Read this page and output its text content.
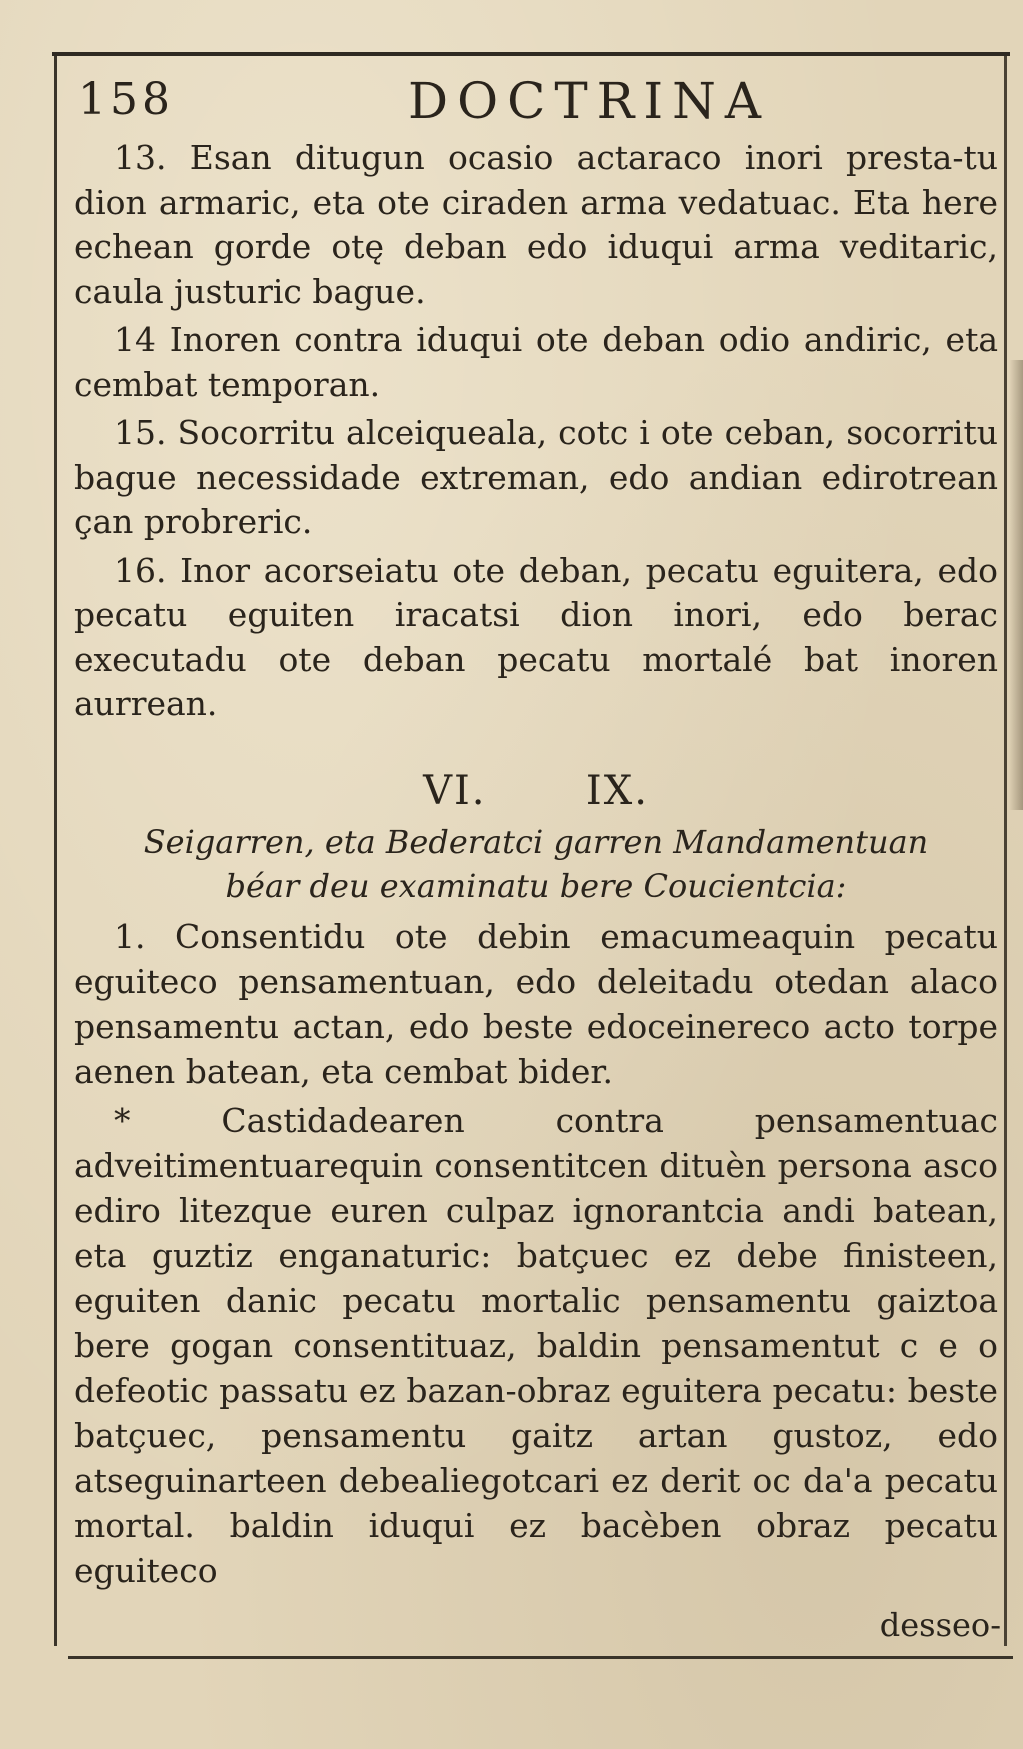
158	DOCTRINA

13. Esan ditugun ocasio actaraco inori presta-tu dion armaric, eta ote ciraden arma vedatuac. Eta here echean gorde otę deban edo iduqui arma veditaric, caula justuric bague.

14 Inoren contra iduqui ote deban odio andiric, eta cembat temporan.

15. Socorritu alceiqueala, cotc i ote ceban, socorritu bague necessidade extreman, edo andian edirotrean çan probreric.

16. Inor acorseiatu ote deban, pecatu eguitera, edo pecatu eguiten iracatsi dion inori, edo berac executadu ote deban pecatu mortalé bat inoren aurrean.

VI. IX.
Seigarren, eta Bederatci garren Mandamentuan
béar deu examinatu bere Coucientcia:

1. Consentidu ote debin emacumeaquin pecatu eguiteco pensamentuan, edo deleitadu otedan alaco pensamentu actan, edo beste edoceinereco acto torpe aenen batean, eta cembat bider.

* Castidadearen contra pensamentuac adveitimentuarequin consentitcen dituèn persona asco ediro litezque euren culpaz ignorantcia andi batean, eta guztiz enganaturic: batçuec ez debe finisteen, eguiten danic pecatu mortalic pensamentu gaiztoa bere gogan consentituaz, baldin pensamentut c e o defeotic passatu ez bazan-obraz eguitera pecatu: beste batçuec, pensamentu gaitz artan gustoz, edo atseguinarteen debealiegotcari ez derit oc da'a pecatu mortal. baldin iduqui ez bacèben obraz pecatu eguiteco

desseo-
